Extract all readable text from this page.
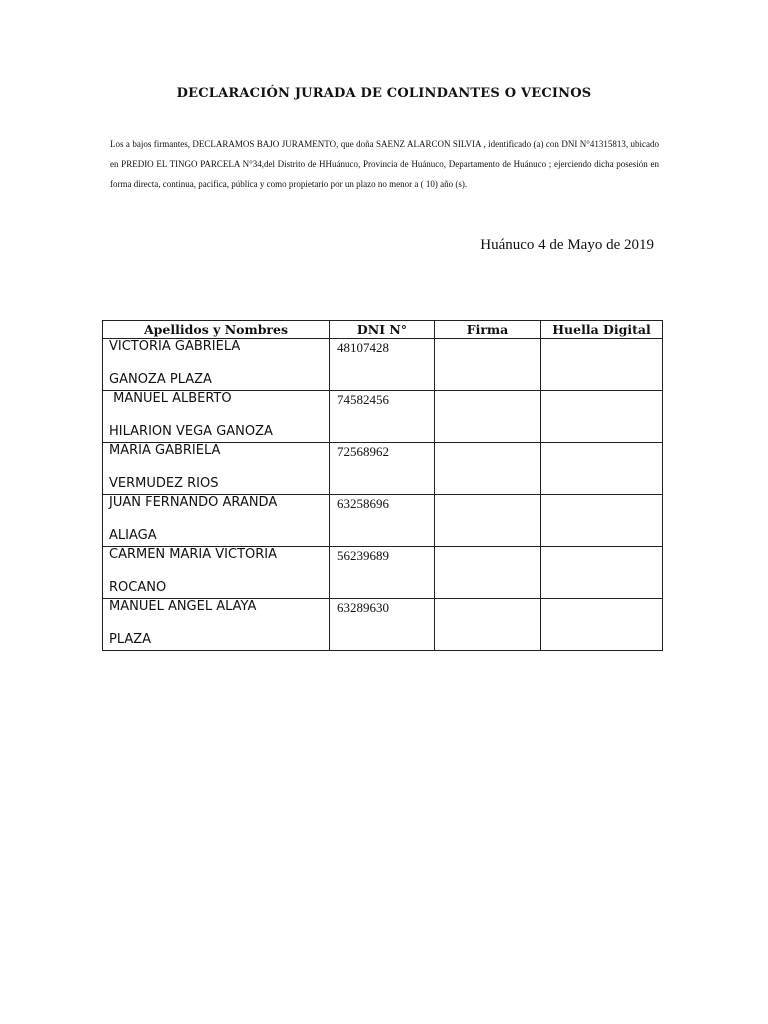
DECLARACIÓN JURADA DE COLINDANTES O VECINOS
Los a bajos firmantes, DECLARAMOS BAJO JURAMENTO, que doña SAENZ ALARCON SILVIA , identificado (a) con DNI N°41315813, ubicado en PREDIO EL TINGO PARCELA N°34,del Distrito de HHuánuco, Provincia de Huánuco, Departamento de Huánuco ; ejerciendo dicha posesión en forma directa, continua, pacifica, pública y como propietario por un plazo no menor a ( 10) año (s).
Huánuco 4 de Mayo de 2019
Apellidos y Nombres	DNI N°	Firma	Huella Digital

VICTORIA GABRIELA
GANOZA PLAZA	48107428		

MANUEL ALBERTO
HILARION VEGA GANOZA	74582456		

MARIA GABRIELA
VERMUDEZ RIOS	72568962		

JUAN FERNANDO ARANDA
ALIAGA	63258696		

CARMEN MARIA VICTORIA
ROCANO	56239689		

MANUEL ANGEL ALAYA
PLAZA	63289630		
